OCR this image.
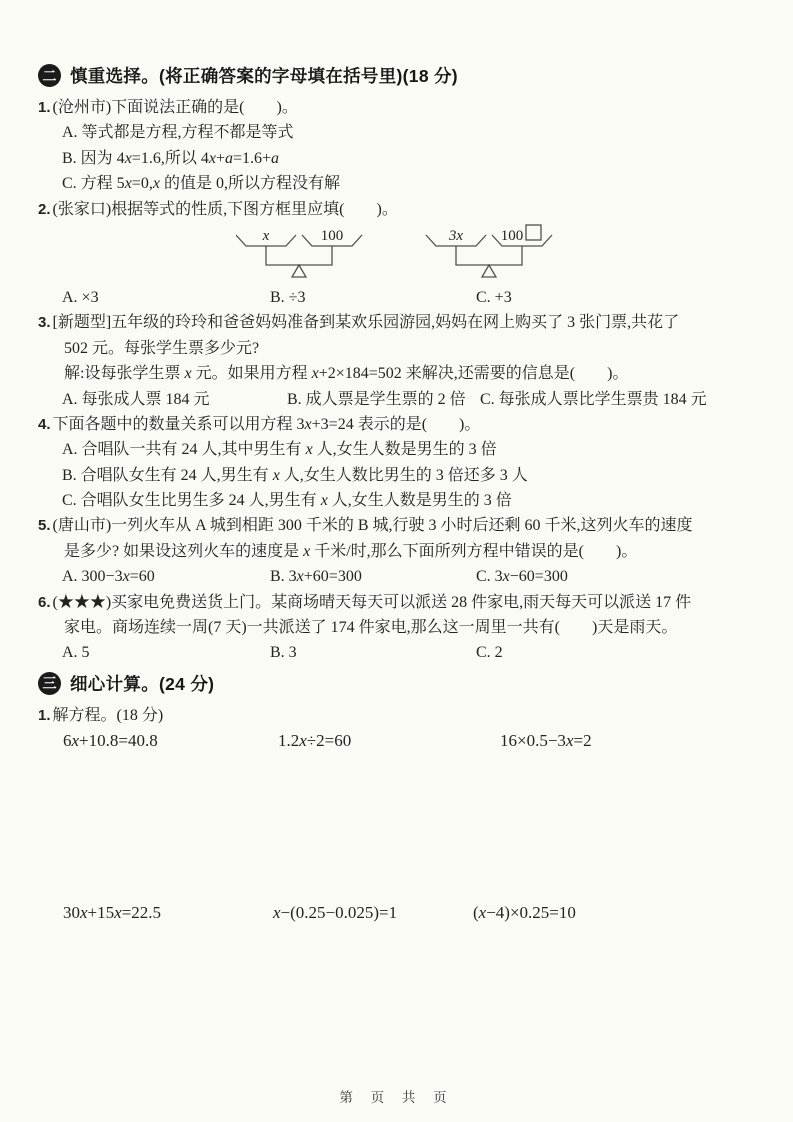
二 慎重选择。(将正确答案的字母填在括号里)(18 分)
1. (沧州市)下面说法正确的是(　　)。
A. 等式都是方程,方程不都是等式
B. 因为 4x=1.6,所以 4x+a=1.6+a
C. 方程 5x=0,x 的值是 0,所以方程没有解
2. (张家口)根据等式的性质,下图方框里应填(　　)。
x	100	3x	100
A. ×3	B. ÷3	C. +3
3. [新题型]五年级的玲玲和爸爸妈妈准备到某欢乐园游园,妈妈在网上购买了 3 张门票,共花了
502 元。每张学生票多少元?
解:设每张学生票 x 元。如果用方程 x+2×184=502 来解决,还需要的信息是(　　)。
A. 每张成人票 184 元	B. 成人票是学生票的 2 倍 C. 每张成人票比学生票贵 184 元
4. 下面各题中的数量关系可以用方程 3x+3=24 表示的是(　　)。
A. 合唱队一共有 24 人,其中男生有 x 人,女生人数是男生的 3 倍
B. 合唱队女生有 24 人,男生有 x 人,女生人数比男生的 3 倍还多 3 人
C. 合唱队女生比男生多 24 人,男生有 x 人,女生人数是男生的 3 倍
5. (唐山市)一列火车从 A 城到相距 300 千米的 B 城,行驶 3 小时后还剩 60 千米,这列火车的速度
是多少? 如果设这列火车的速度是 x 千米/时,那么下面所列方程中错误的是(　　)。
A. 300−3x=60	B. 3x+60=300	C. 3x−60=300
6. (★★★)买家电免费送货上门。某商场晴天每天可以派送 28 件家电,雨天每天可以派送 17 件
家电。商场连续一周(7 天)一共派送了 174 件家电,那么这一周里一共有(　　)天是雨天。
A. 5	B. 3	C. 2
三 细心计算。(24 分)
1. 解方程。(18 分)
6x+10.8=40.8	1.2x÷2=60	16×0.5−3x=2
30x+15x=22.5	x−(0.25−0.025)=1	(x−4)×0.25=10
第 页 共 页
